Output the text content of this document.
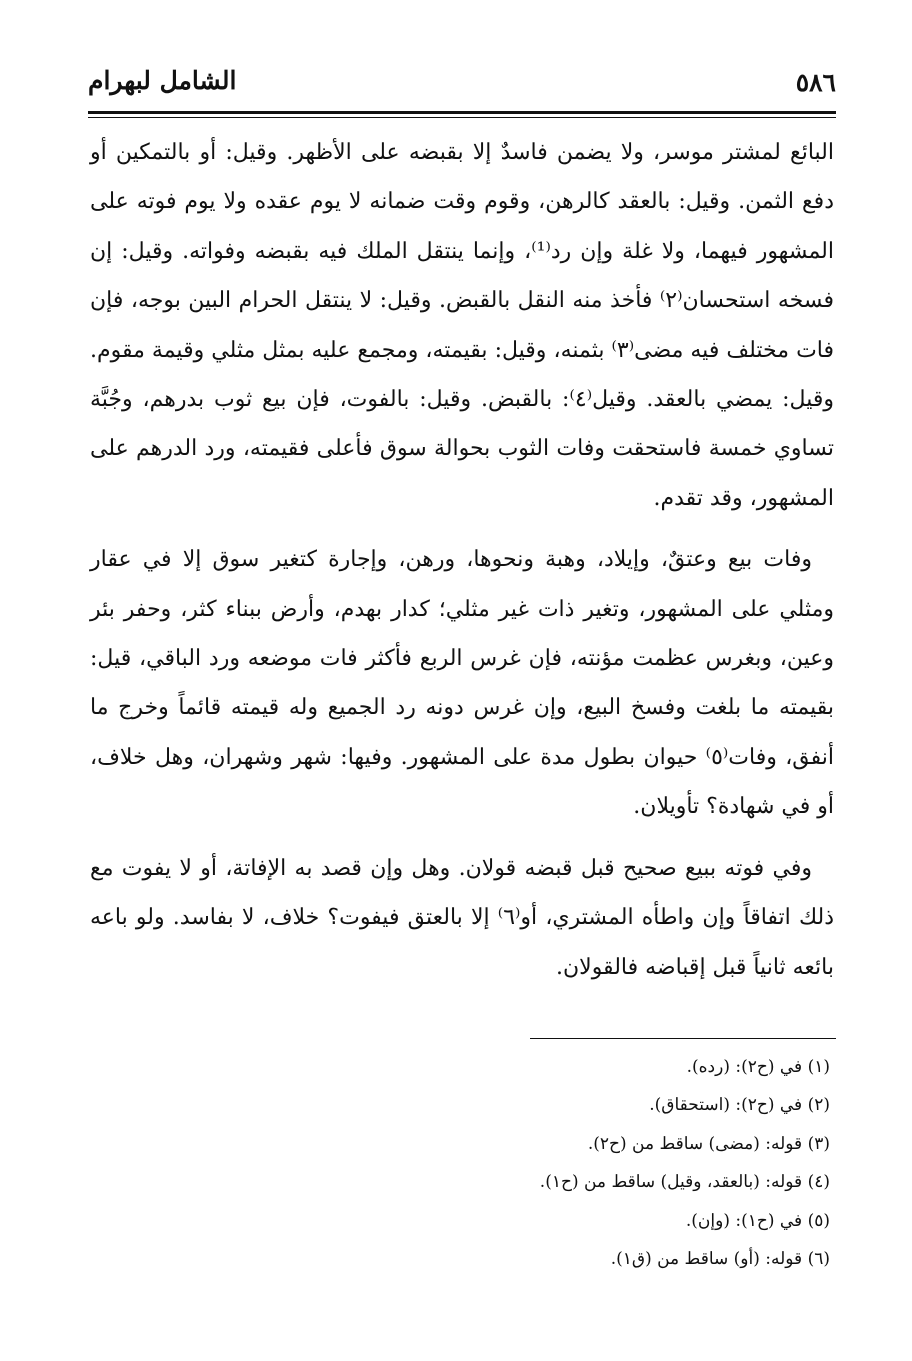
٥٨٦
الشامل لبهرام

البائع لمشتر موسر، ولا يضمن فاسدٌ إلا بقبضه على الأظهر. وقيل: أو بالتمكين أو دفع الثمن. وقيل: بالعقد كالرهن، وقوم وقت ضمانه لا يوم عقده ولا يوم فوته على المشهور فيهما، ولا غلة وإن رد⁽¹⁾، وإنما ينتقل الملك فيه بقبضه وفواته. وقيل: إن فسخه استحسان⁽٢⁾ فأخذ منه النقل بالقبض. وقيل: لا ينتقل الحرام البين بوجه، فإن فات مختلف فيه مضى⁽٣⁾ بثمنه، وقيل: بقيمته، ومجمع عليه بمثل مثلي وقيمة مقوم. وقيل: يمضي بالعقد. وقيل⁽٤⁾: بالقبض. وقيل: بالفوت، فإن بيع ثوب بدرهم، وجُبَّة تساوي خمسة فاستحقت وفات الثوب بحوالة سوق فأعلى فقيمته، ورد الدرهم على المشهور، وقد تقدم.

وفات بيع وعتقٌ، وإيلاد، وهبة ونحوها، ورهن، وإجارة كتغير سوق إلا في عقار ومثلي على المشهور، وتغير ذات غير مثلي؛ كدار بهدم، وأرض ببناء كثر، وحفر بئر وعين، وبغرس عظمت مؤنته، فإن غرس الربع فأكثر فات موضعه ورد الباقي، قيل: بقيمته ما بلغت وفسخ البيع، وإن غرس دونه رد الجميع وله قيمته قائماً وخرج ما أنفق، وفات⁽٥⁾ حيوان بطول مدة على المشهور. وفيها: شهر وشهران، وهل خلاف، أو في شهادة؟ تأويلان.

وفي فوته ببيع صحيح قبل قبضه قولان. وهل وإن قصد به الإفاتة، أو لا يفوت مع ذلك اتفاقاً وإن واطأه المشتري، أو⁽٦⁾ إلا بالعتق فيفوت؟ خلاف، لا بفاسد. ولو باعه بائعه ثانياً قبل إقباضه فالقولان.

(١) في (ح٢): (رده).

(٢) في (ح٢): (استحقاق).

(٣) قوله: (مضى) ساقط من (ح٢).

(٤) قوله: (بالعقد، وقيل) ساقط من (ح١).

(٥) في (ح١): (وإن).

(٦) قوله: (أو) ساقط من (ق١).
